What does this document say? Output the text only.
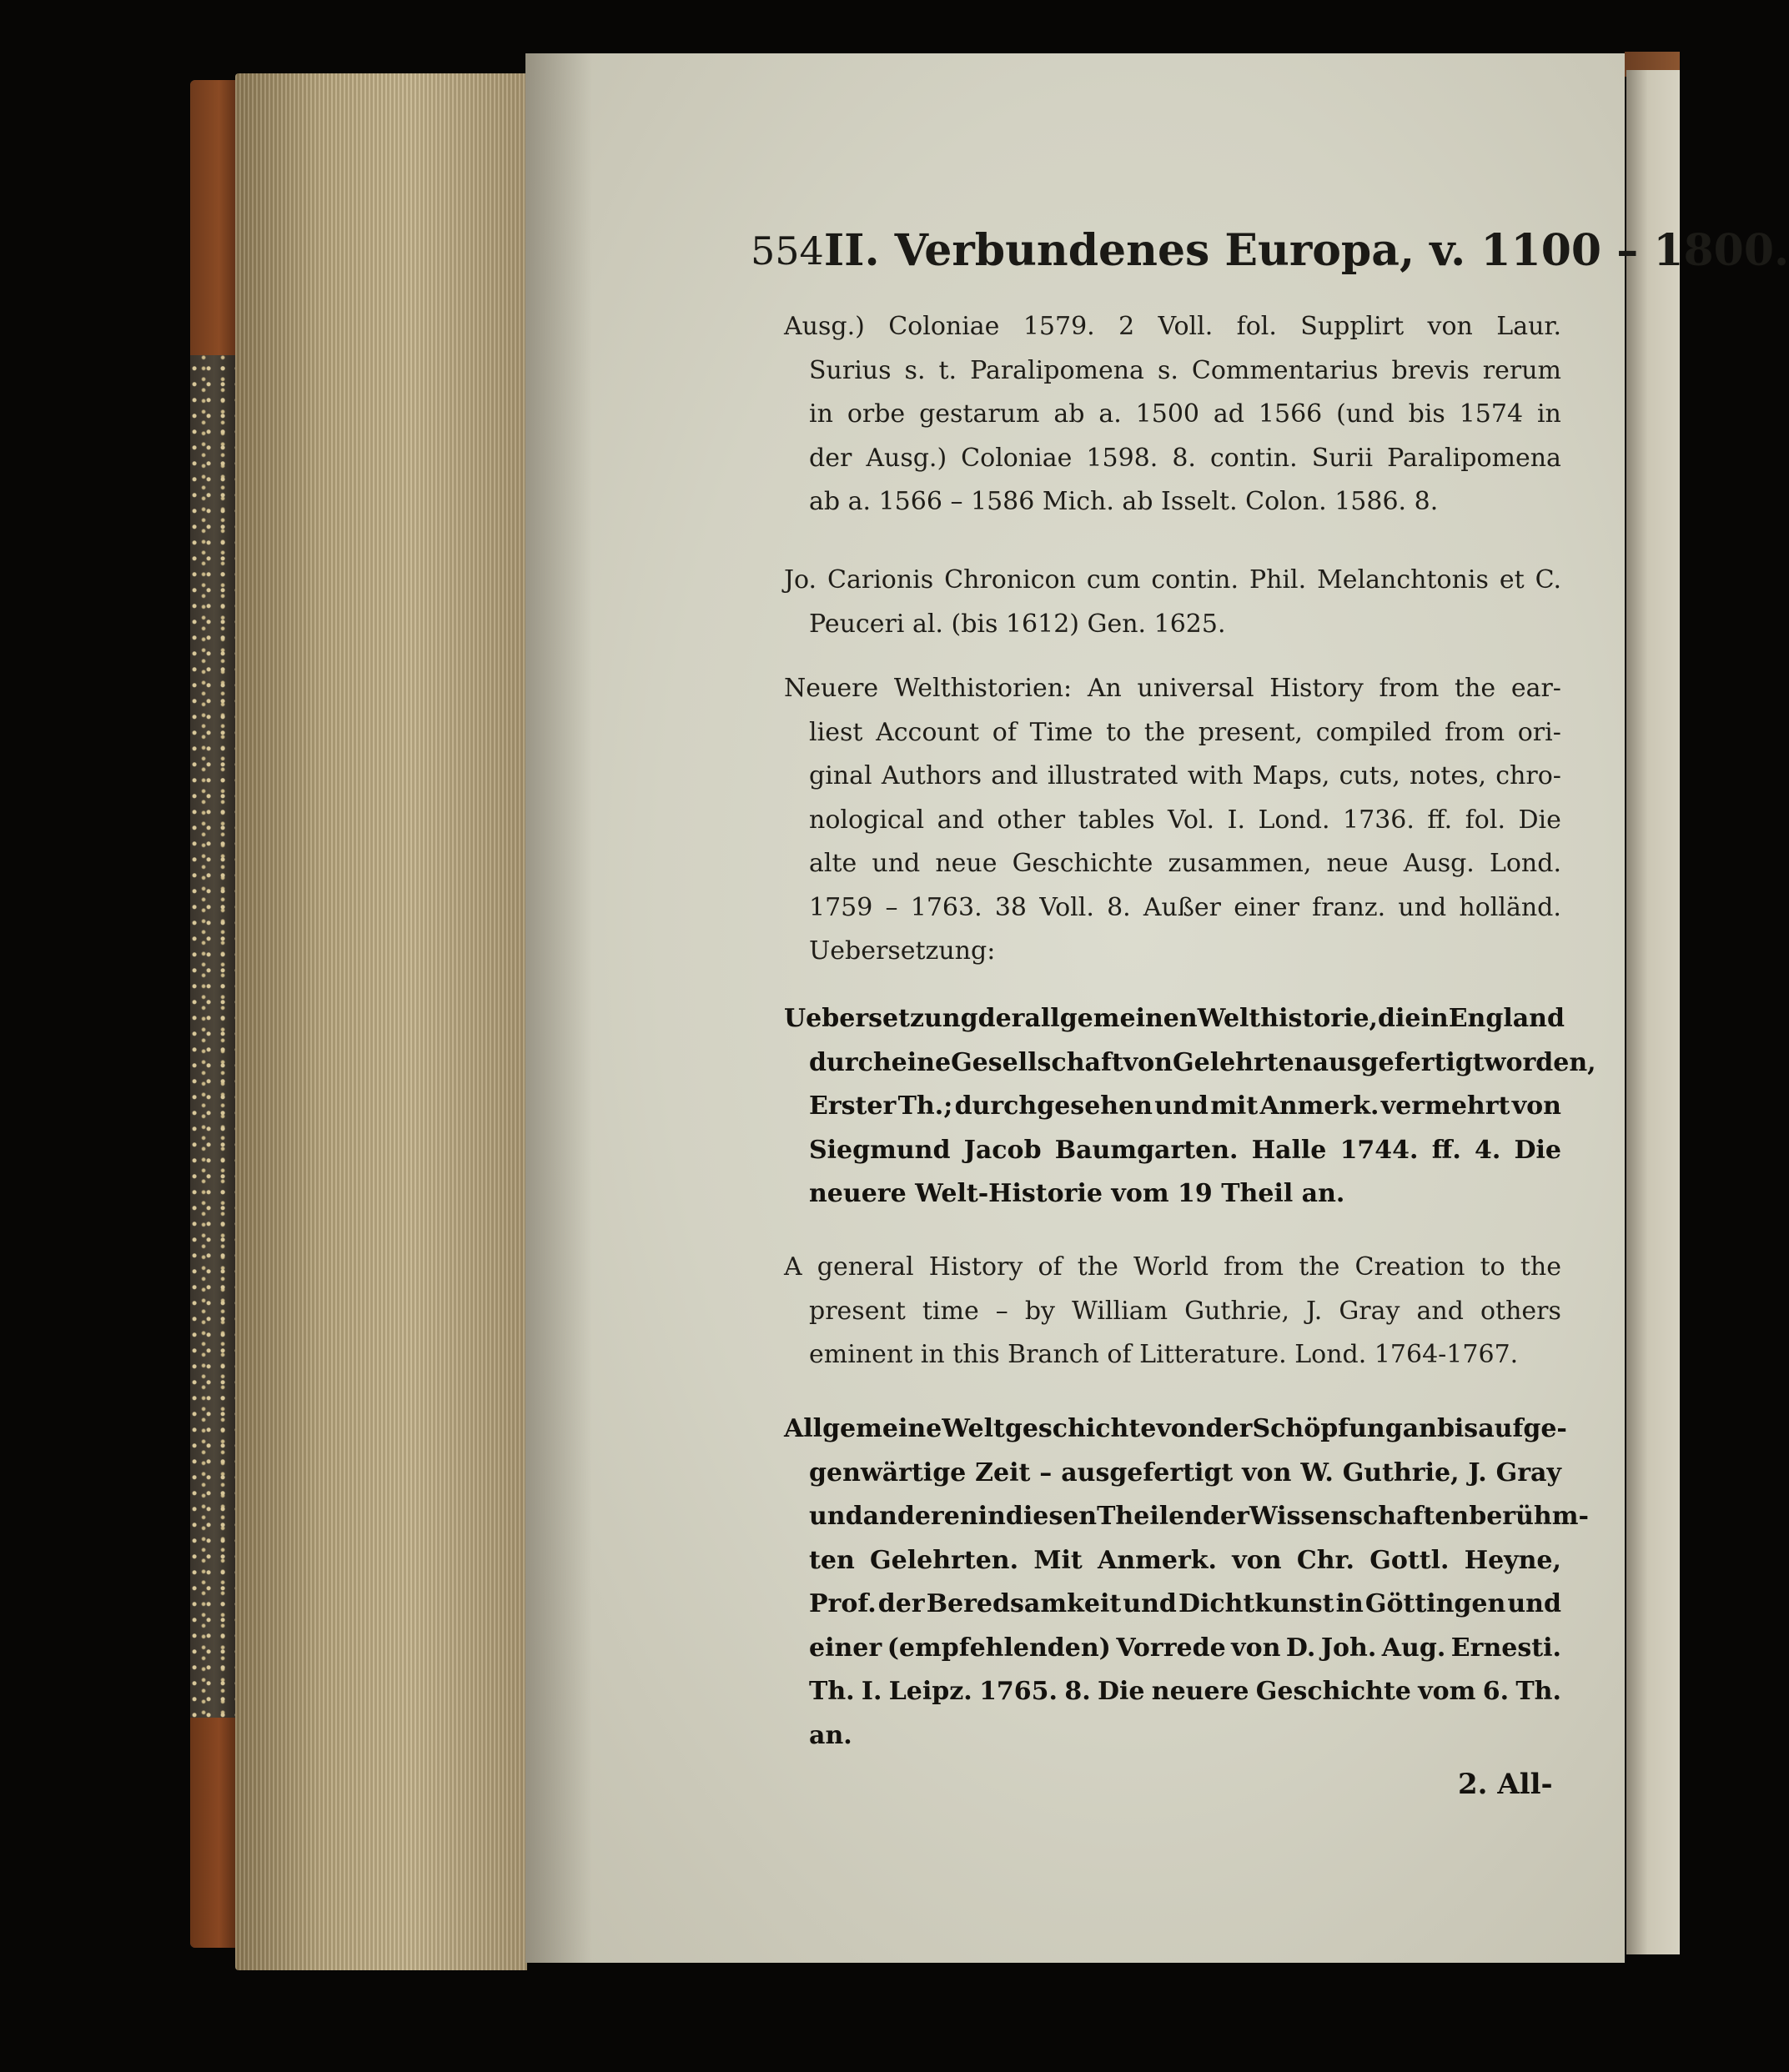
554 II. Verbundenes Europa, v. 1100 – 1800.
Ausg.) Coloniae 1579. 2 Voll. fol. Supplirt von Laur.
Surius s. t. Paralipomena s. Commentarius brevis rerum
in orbe gestarum ab a. 1500 ad 1566 (und bis 1574 in
der Ausg.) Coloniae 1598. 8. contin. Surii Paralipomena
ab a. 1566 – 1586 Mich. ab Isselt. Colon. 1586. 8.
Jo. Carionis Chronicon cum contin. Phil. Melanchtonis et C.
Peuceri al. (bis 1612) Gen. 1625.
Neuere Welthistorien: An universal History from the ear-
liest Account of Time to the present, compiled from ori-
ginal Authors and illustrated with Maps, cuts, notes, chro-
nological and other tables Vol. I. Lond. 1736. ff. fol. Die
alte und neue Geschichte zusammen, neue Ausg. Lond.
1759 – 1763. 38 Voll. 8. Außer einer franz. und holländ.
Uebersetzung:
Uebersetzung der allgemeinen Welthistorie, die in England
durch eine Gesellschaft von Gelehrten ausgefertigt worden,
Erster Th.; durchgesehen und mit Anmerk. vermehrt von
Siegmund Jacob Baumgarten. Halle 1744. ff. 4. Die
neuere Welt-Historie vom 19 Theil an.
A general History of the World from the Creation to the
present time – by William Guthrie, J. Gray and others
eminent in this Branch of Litterature. Lond. 1764-1767.
Allgemeine Weltgeschichte von der Schöpfung an bis auf ge-
genwärtige Zeit – ausgefertigt von W. Guthrie, J. Gray
und anderen in diesen Theilen der Wissenschaften berühm-
ten Gelehrten. Mit Anmerk. von Chr. Gottl. Heyne,
Prof. der Beredsamkeit und Dichtkunst in Göttingen und
einer (empfehlenden) Vorrede von D. Joh. Aug. Ernesti.
Th. I. Leipz. 1765. 8. Die neuere Geschichte vom 6. Th.
an.
2. All-
